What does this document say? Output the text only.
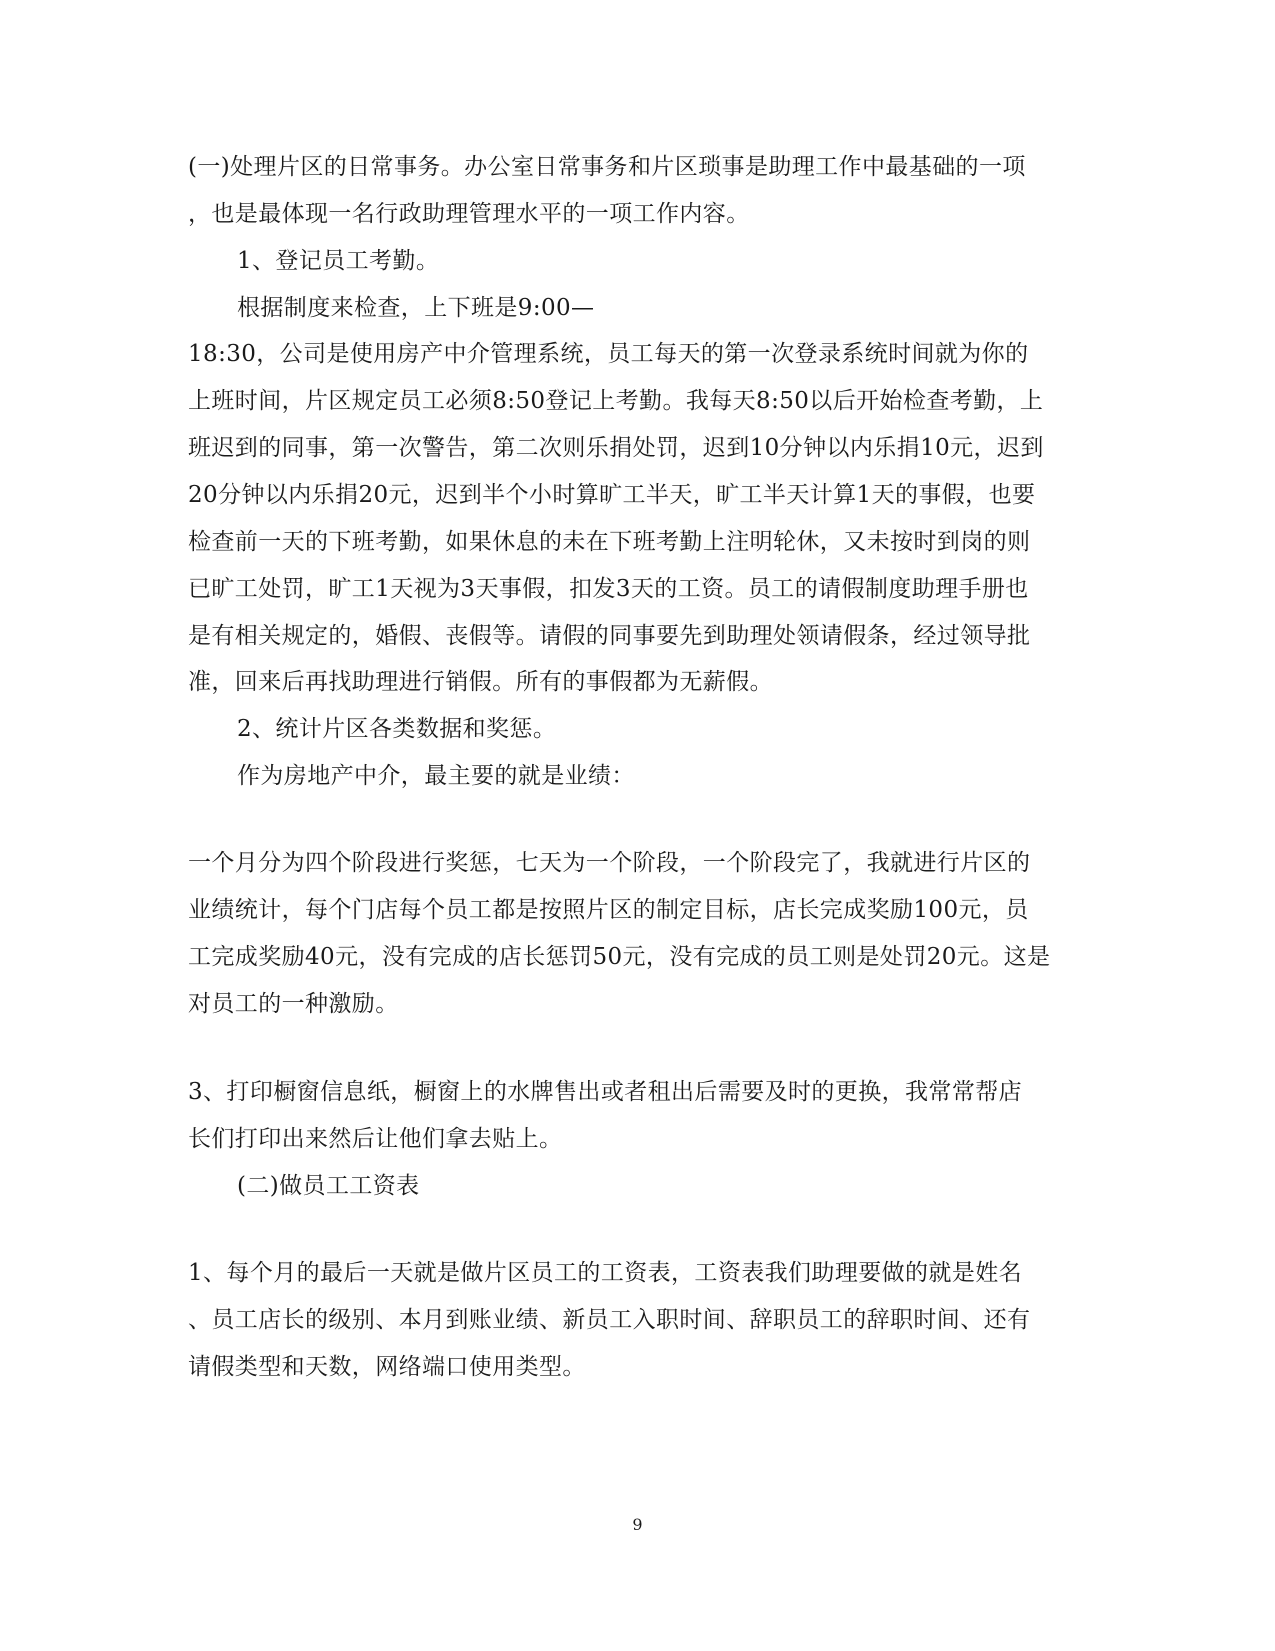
(一)处理片区的日常事务。办公室日常事务和片区琐事是助理工作中最基础的一项
，也是最体现一名行政助理管理水平的一项工作内容。
1、登记员工考勤。
根据制度来检查，上下班是9:00—
18:30，公司是使用房产中介管理系统，员工每天的第一次登录系统时间就为你的
上班时间，片区规定员工必须8:50登记上考勤。我每天8:50以后开始检查考勤，上
班迟到的同事，第一次警告，第二次则乐捐处罚，迟到10分钟以内乐捐10元，迟到
20分钟以内乐捐20元，迟到半个小时算旷工半天，旷工半天计算1天的事假，也要
检查前一天的下班考勤，如果休息的未在下班考勤上注明轮休，又未按时到岗的则
已旷工处罚，旷工1天视为3天事假，扣发3天的工资。员工的请假制度助理手册也
是有相关规定的，婚假、丧假等。请假的同事要先到助理处领请假条，经过领导批
准，回来后再找助理进行销假。所有的事假都为无薪假。
2、统计片区各类数据和奖惩。
作为房地产中介，最主要的就是业绩：
一个月分为四个阶段进行奖惩，七天为一个阶段，一个阶段完了，我就进行片区的
业绩统计，每个门店每个员工都是按照片区的制定目标，店长完成奖励100元，员
工完成奖励40元，没有完成的店长惩罚50元，没有完成的员工则是处罚20元。这是
对员工的一种激励。
3、打印橱窗信息纸，橱窗上的水牌售出或者租出后需要及时的更换，我常常帮店
长们打印出来然后让他们拿去贴上。
(二)做员工工资表
1、每个月的最后一天就是做片区员工的工资表，工资表我们助理要做的就是姓名
、员工店长的级别、本月到账业绩、新员工入职时间、辞职员工的辞职时间、还有
请假类型和天数，网络端口使用类型。
9
